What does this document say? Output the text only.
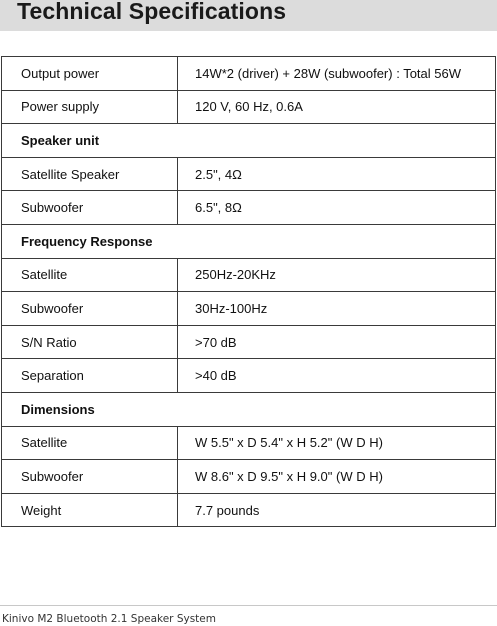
Technical Specifications
Output power	14W*2 (driver) + 28W (subwoofer) : Total 56W
Power supply	120 V, 60 Hz, 0.6A
Speaker unit	
Satellite Speaker	2.5", 4Ω
Subwoofer	6.5", 8Ω
Frequency Response	
Satellite	250Hz-20KHz
Subwoofer	30Hz-100Hz
S/N Ratio	>70 dB
Separation	>40 dB
Dimensions	
Satellite	W 5.5" x D 5.4" x H 5.2" (W D H)
Subwoofer	W 8.6" x D 9.5" x H 9.0" (W D H)
Weight	7.7 pounds
Kinivo M2 Bluetooth 2.1 Speaker System
